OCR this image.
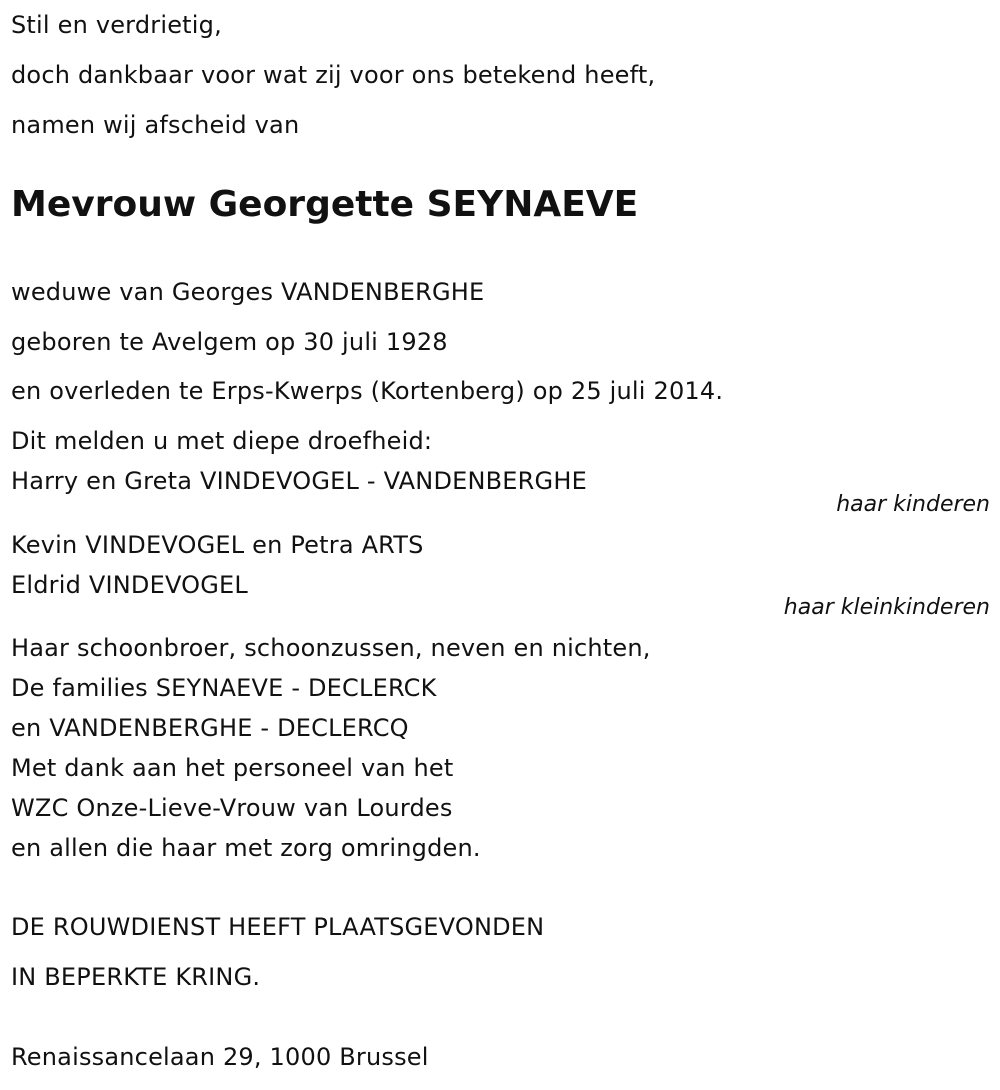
Stil en verdrietig,
doch dankbaar voor wat zij voor ons betekend heeft,
namen wij afscheid van
Mevrouw Georgette SEYNAEVE
weduwe van Georges VANDENBERGHE
geboren te Avelgem op 30 juli 1928
en overleden te Erps-Kwerps (Kortenberg) op 25 juli 2014.
Dit melden u met diepe droefheid:
Harry en Greta VINDEVOGEL - VANDENBERGHE
haar kinderen
Kevin VINDEVOGEL en Petra ARTS
Eldrid VINDEVOGEL
haar kleinkinderen
Haar schoonbroer, schoonzussen, neven en nichten,
De families SEYNAEVE - DECLERCK
en VANDENBERGHE - DECLERCQ
Met dank aan het personeel van het
WZC Onze-Lieve-Vrouw van Lourdes
en allen die haar met zorg omringden.
DE ROUWDIENST HEEFT PLAATSGEVONDEN
IN BEPERKTE KRING.
Renaissancelaan 29, 1000 Brussel
